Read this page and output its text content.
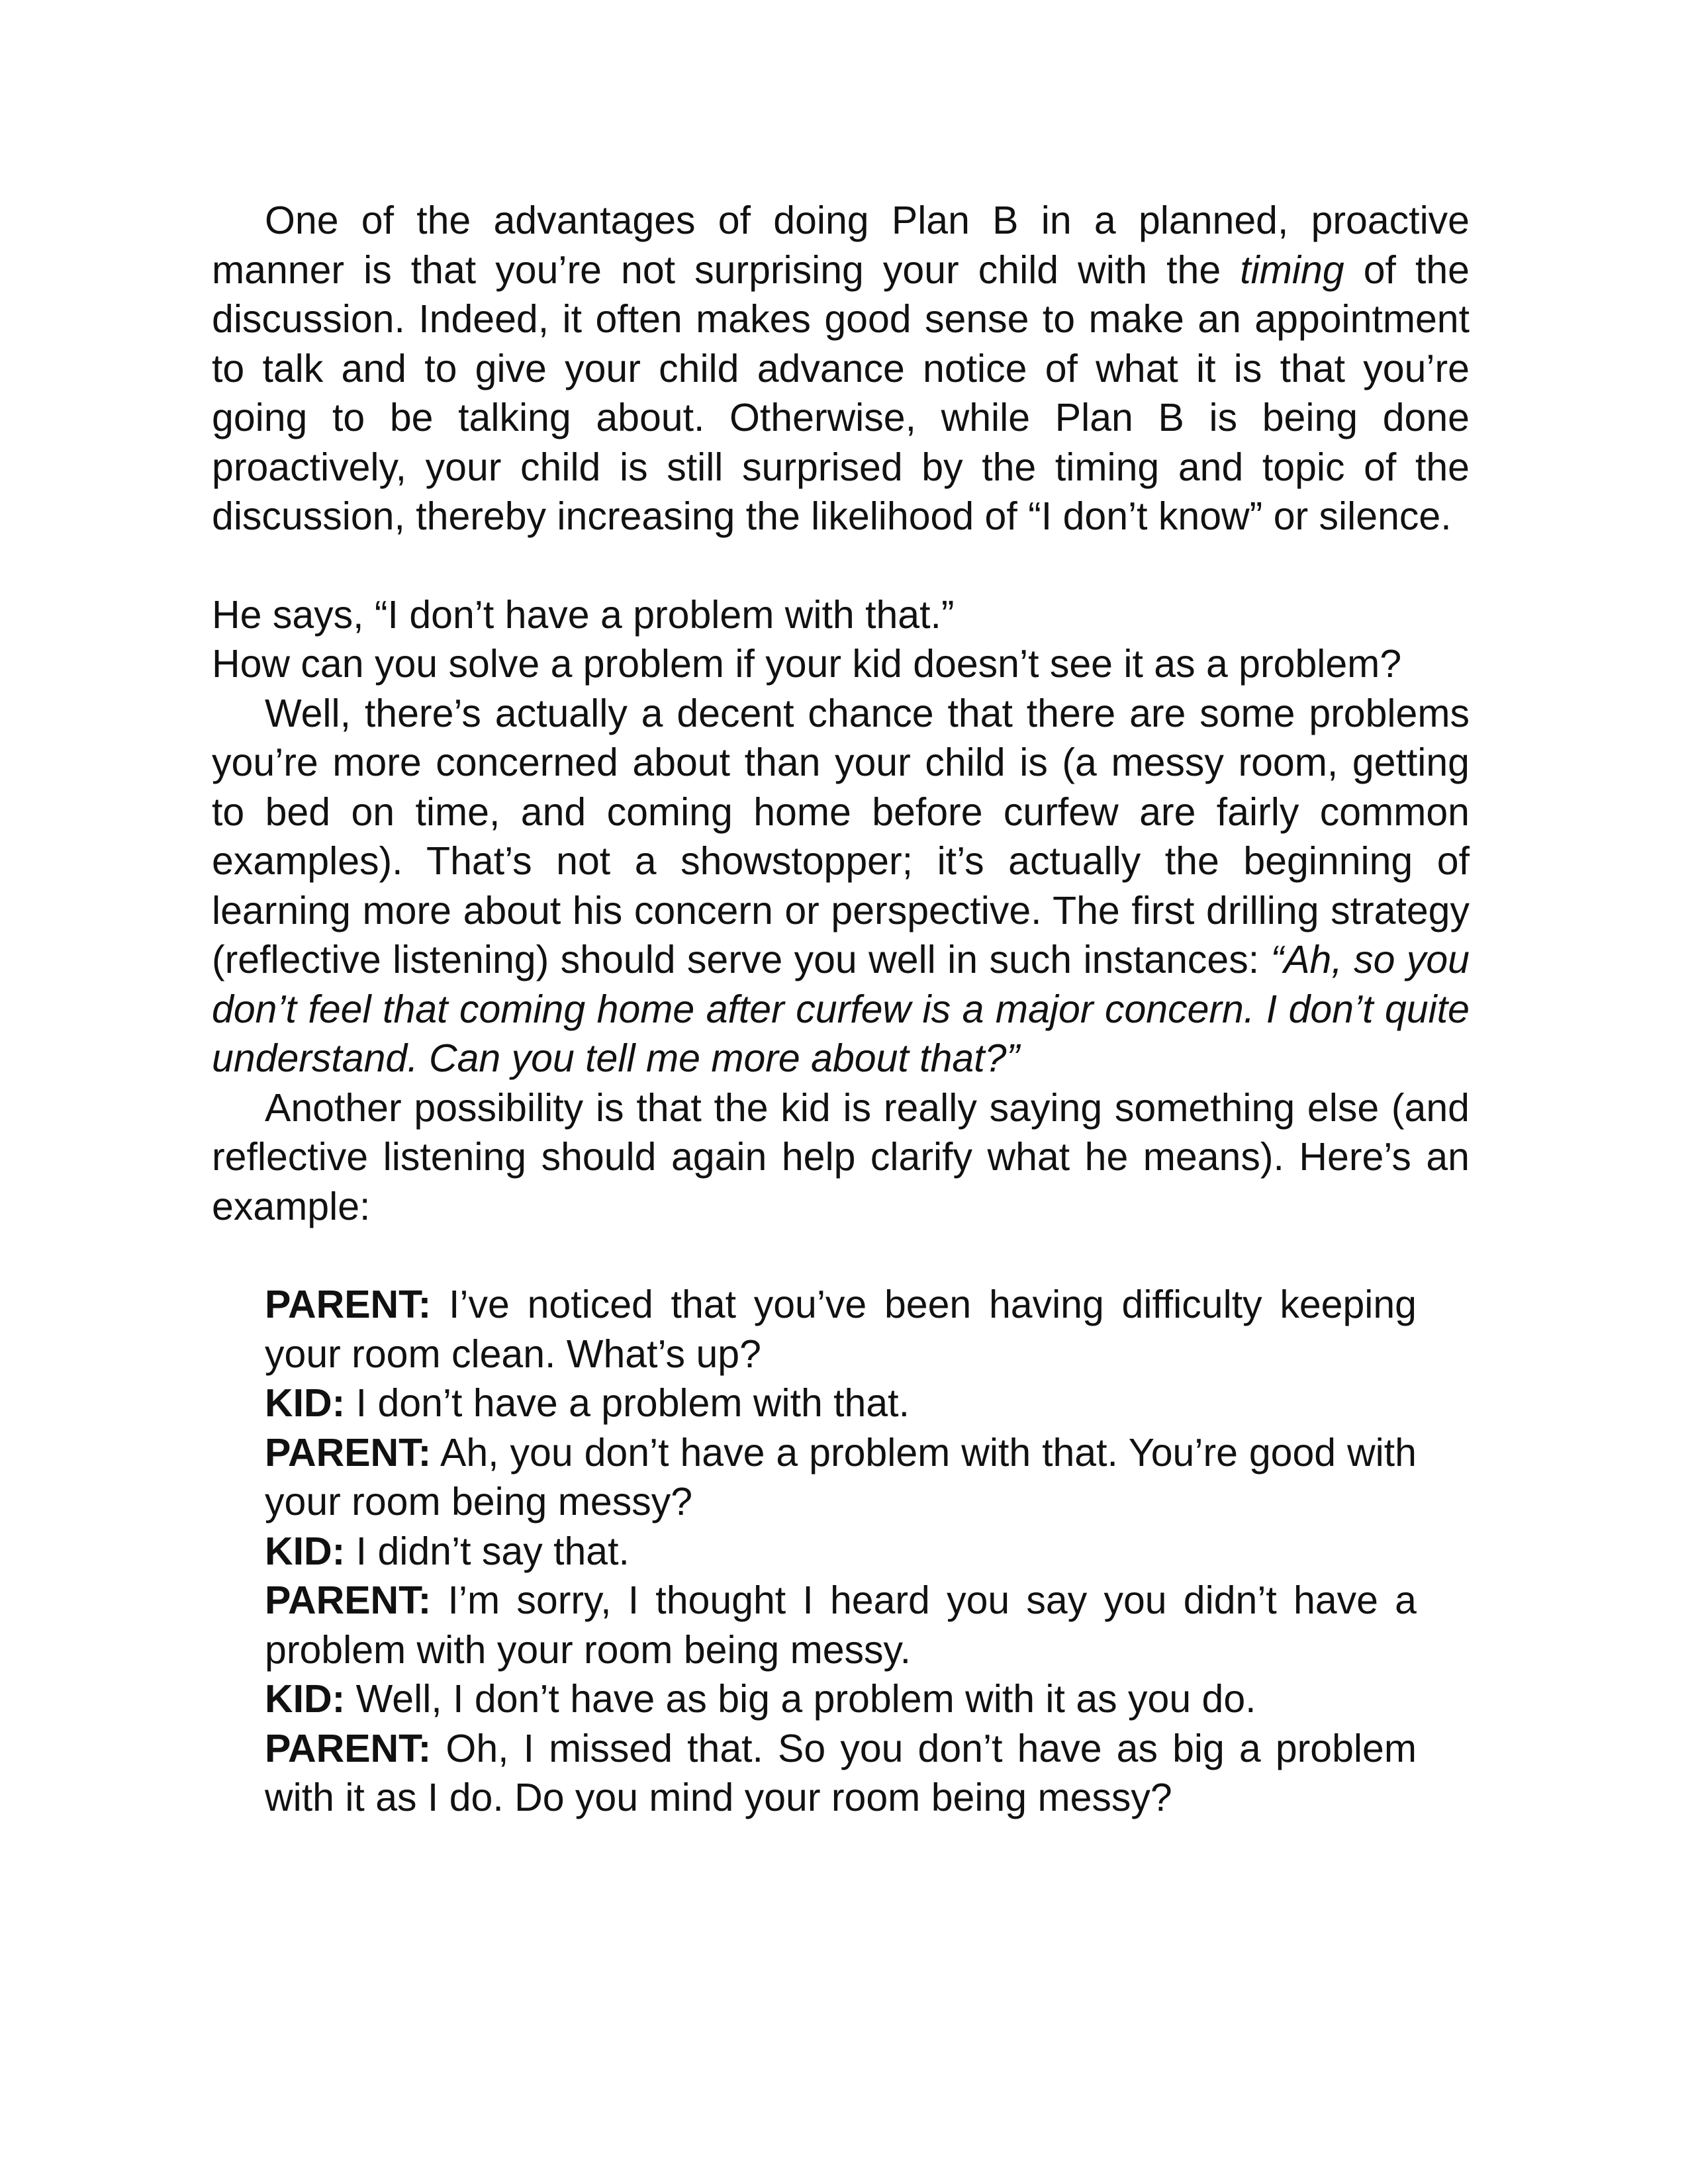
One of the advantages of doing Plan B in a planned, proactive manner is that you’re not surprising your child with the timing of the discussion. Indeed, it often makes good sense to make an appointment to talk and to give your child advance notice of what it is that you’re going to be talking about. Otherwise, while Plan B is being done proactively, your child is still surprised by the timing and topic of the discussion, thereby increasing the likelihood of “I don’t know” or silence.

He says, “I don’t have a problem with that.”

How can you solve a problem if your kid doesn’t see it as a problem?

Well, there’s actually a decent chance that there are some problems you’re more concerned about than your child is (a messy room, getting to bed on time, and coming home before curfew are fairly common examples). That’s not a showstopper; it’s actually the beginning of learning more about his concern or perspective. The first drilling strategy (reflective listening) should serve you well in such instances: “Ah, so you don’t feel that coming home after curfew is a major concern. I don’t quite understand. Can you tell me more about that?”

Another possibility is that the kid is really saying something else (and reflective listening should again help clarify what he means). Here’s an example:

PARENT: I’ve noticed that you’ve been having difficulty keeping your room clean. What’s up?

KID: I don’t have a problem with that.

PARENT: Ah, you don’t have a problem with that. You’re good with your room being messy?

KID: I didn’t say that.

PARENT: I’m sorry, I thought I heard you say you didn’t have a problem with your room being messy.

KID: Well, I don’t have as big a problem with it as you do.

PARENT: Oh, I missed that. So you don’t have as big a problem with it as I do. Do you mind your room being messy?
